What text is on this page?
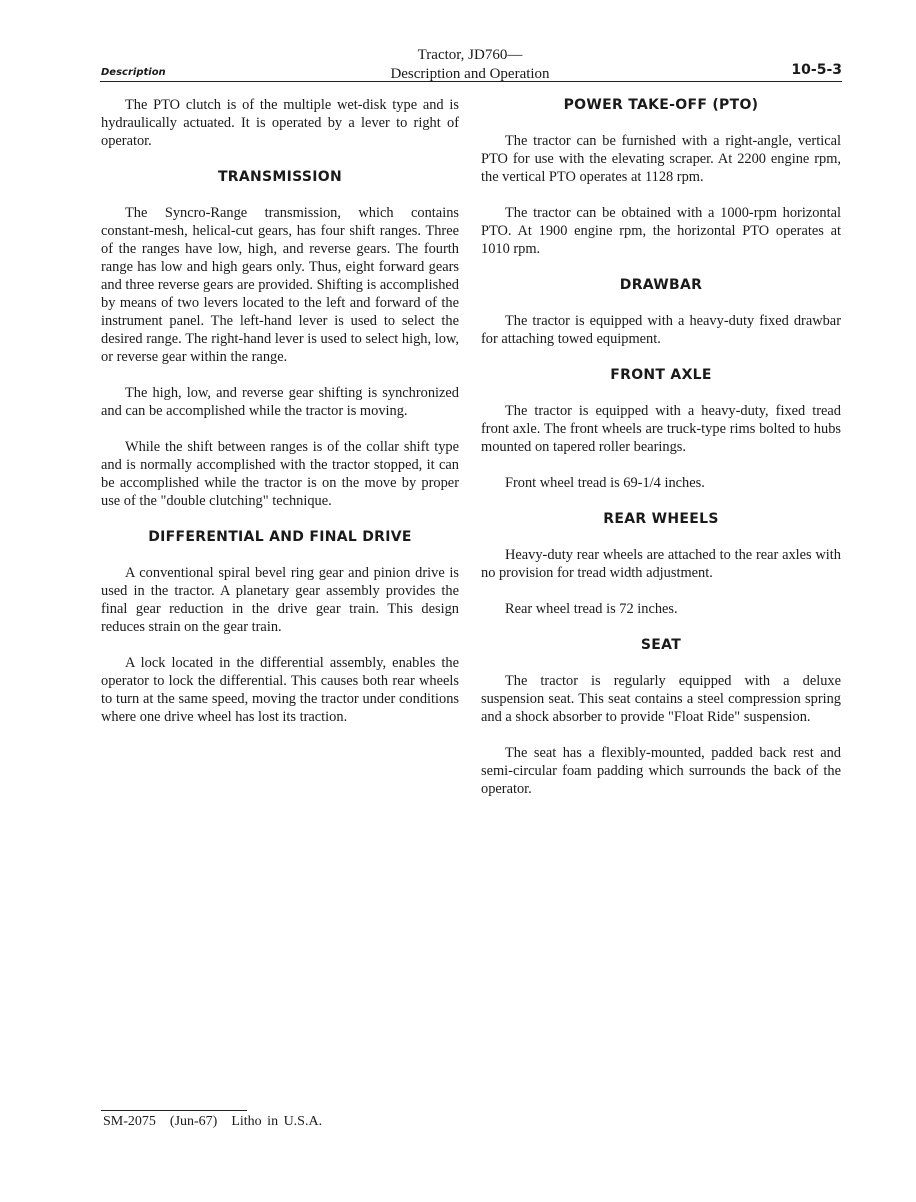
Tractor, JD760—
Description and Operation
Description	10-5-3

The PTO clutch is of the multiple wet-disk type and is hydraulically actuated. It is operated by a lever to right of operator.

TRANSMISSION

The Syncro-Range transmission, which contains constant-mesh, helical-cut gears, has four shift ranges. Three of the ranges have low, high, and reverse gears. The fourth range has low and high gears only. Thus, eight forward gears and three reverse gears are provided. Shifting is accomplished by means of two levers located to the left and forward of the instrument panel. The left-hand lever is used to select the desired range. The right-hand lever is used to select high, low, or reverse gear within the range.

The high, low, and reverse gear shifting is synchronized and can be accomplished while the tractor is moving.

While the shift between ranges is of the collar shift type and is normally accomplished with the tractor stopped, it can be accomplished while the tractor is on the move by proper use of the "double clutching" technique.

DIFFERENTIAL AND FINAL DRIVE

A conventional spiral bevel ring gear and pinion drive is used in the tractor. A planetary gear assembly provides the final gear reduction in the drive gear train. This design reduces strain on the gear train.

A lock located in the differential assembly, enables the operator to lock the differential. This causes both rear wheels to turn at the same speed, moving the tractor under conditions where one drive wheel has lost its traction.

POWER TAKE-OFF (PTO)

The tractor can be furnished with a right-angle, vertical PTO for use with the elevating scraper. At 2200 engine rpm, the vertical PTO operates at 1128 rpm.

The tractor can be obtained with a 1000-rpm horizontal PTO. At 1900 engine rpm, the horizontal PTO operates at 1010 rpm.

DRAWBAR

The tractor is equipped with a heavy-duty fixed drawbar for attaching towed equipment.

FRONT AXLE

The tractor is equipped with a heavy-duty, fixed tread front axle. The front wheels are truck-type rims bolted to hubs mounted on tapered roller bearings.

Front wheel tread is 69-1/4 inches.

REAR WHEELS

Heavy-duty rear wheels are attached to the rear axles with no provision for tread width adjustment.

Rear wheel tread is 72 inches.

SEAT

The tractor is regularly equipped with a deluxe suspension seat. This seat contains a steel compression spring and a shock absorber to provide "Float Ride" suspension.

The seat has a flexibly-mounted, padded back rest and semi-circular foam padding which surrounds the back of the operator.

SM-2075 (Jun-67) Litho in U.S.A.
